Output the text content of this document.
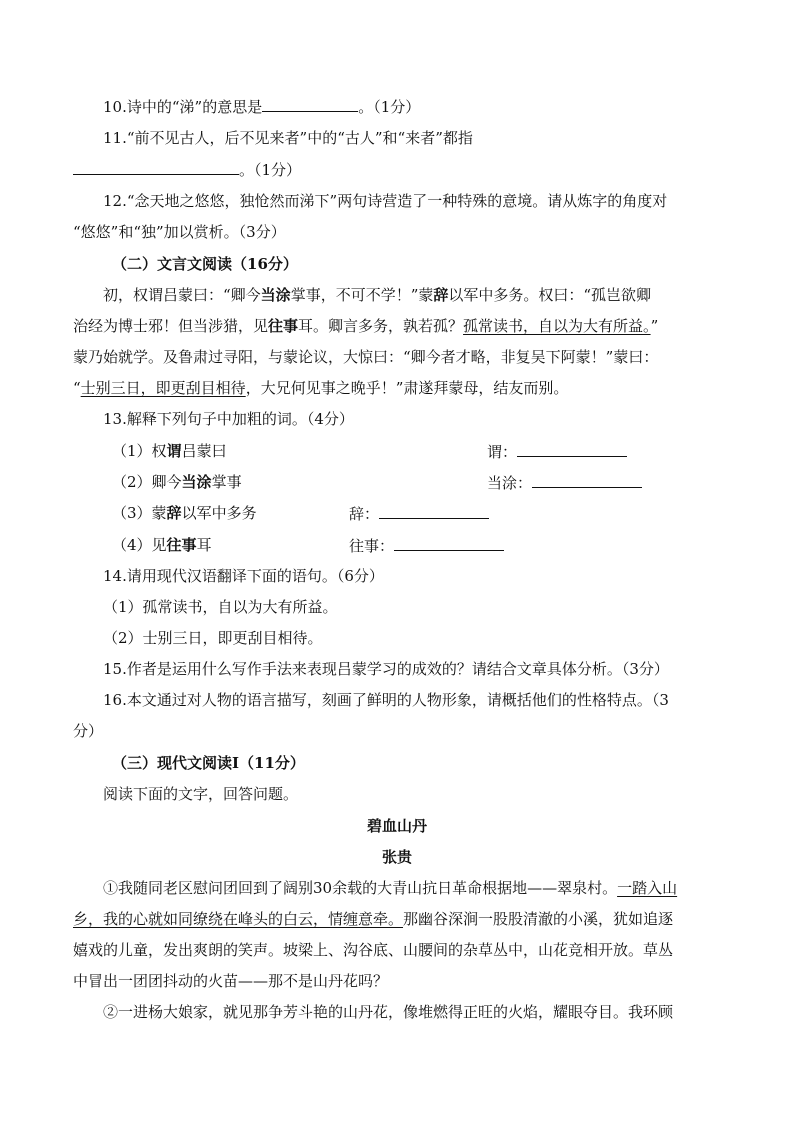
10.诗中的“涕”的意思是	。（1分）
11.“前不见古人，后不见来者”中的“古人”和“来者”都指
。（1分）
12.“念天地之悠悠，独怆然而涕下”两句诗营造了一种特殊的意境。请从炼字的角度对
“悠悠”和“独”加以赏析。（3分）
（二）文言文阅读（16分）
初，权谓吕蒙曰：“卿今当涂掌事，不可不学！”蒙辞以军中多务。权曰：“孤岂欲卿
治经为博士邪！但当涉猎，见往事耳。卿言多务，孰若孤？孤常读书，自以为大有所益。”
蒙乃始就学。及鲁肃过寻阳，与蒙论议，大惊曰：“卿今者才略，非复吴下阿蒙！”蒙曰：
“士别三日，即更刮目相待，大兄何见事之晚乎！”肃遂拜蒙母，结友而别。
13.解释下列句子中加粗的词。（4分）
（1）权谓吕蒙曰	谓：
（2）卿今当涂掌事	当涂：
（3）蒙辞以军中多务	辞：
（4）见往事耳	往事：
14.请用现代汉语翻译下面的语句。（6分）
（1）孤常读书，自以为大有所益。
（2）士别三日，即更刮目相待。
15.作者是运用什么写作手法来表现吕蒙学习的成效的？请结合文章具体分析。（3分）
16.本文通过对人物的语言描写，刻画了鲜明的人物形象，请概括他们的性格特点。（3
分）
（三）现代文阅读Ⅰ（11分）
阅读下面的文字，回答问题。
碧血山丹
张贵
①我随同老区慰问团回到了阔别30余载的大青山抗日革命根据地——翠泉村。一踏入山
乡，我的心就如同缭绕在峰头的白云，情缠意牵。那幽谷深涧一股股清澈的小溪，犹如追逐
嬉戏的儿童，发出爽朗的笑声。坡梁上、沟谷底、山腰间的杂草丛中，山花竞相开放。草丛
中冒出一团团抖动的火苗——那不是山丹花吗？
②一进杨大娘家，就见那争芳斗艳的山丹花，像堆燃得正旺的火焰，耀眼夺目。我环顾
